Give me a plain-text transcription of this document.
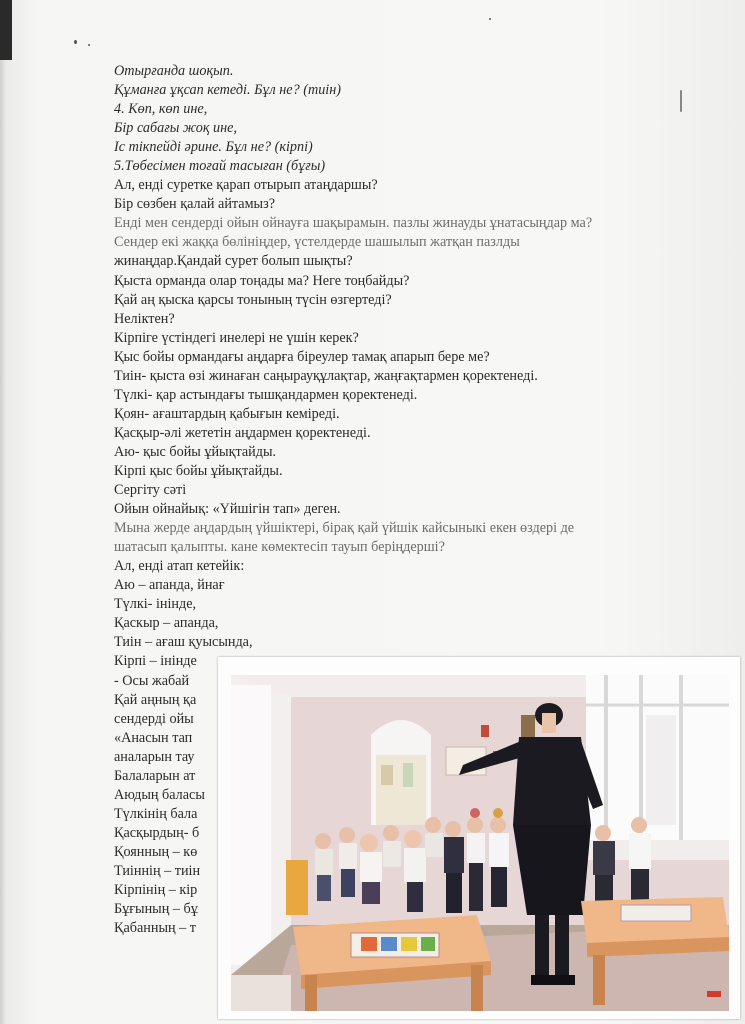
Отырғанда шоқып.
Құманға ұқсап кетеді. Бұл не? (тиін)
4. Көп, көп ине,
Бір сабағы жоқ ине,
Іс тікпейді әрине. Бұл не? (кірпі)
5.Төбесімен тоғай тасыған (бұғы)
Ал, енді суретке қарап отырып атаңдаршы?
Бір сөзбен қалай айтамыз?
Енді мен сендерді ойын ойнауға шақырамын. пазлы жинауды ұнатасыңдар ма?
Сендер екі жаққа бөлініңдер, үстелдерде шашылып жатқан пазлды
жинаңдар.Қандай сурет болып шықты?
Қыста орманда олар тоңады ма? Неге тоңбайды?
Қай аң қыска қарсы тонының түсін өзгертеді?
Неліктен?
Кірпіге үстіндегі инелері не үшін керек?
Қыс бойы ормандағы аңдарға біреулер тамақ апарып бере ме?
Тиін- қыста өзі жинаған саңырауқұлақтар, жаңғақтармен қоректенеді.
Түлкі- қар астындағы тышқандармен қоректенеді.
Қоян- ағаштардың қабығын кеміреді.
Қасқыр-әлі жететін аңдармен қоректенеді.
Аю- қыс бойы ұйықтайды.
Кірпі қыс бойы ұйықтайды.
Сергіту сәті
Ойын ойнайық: «Үйшігін тап» деген.
Мына жерде аңдардың үйшіктері, бірақ қай үйшік кайсыныкі екен өздері де
шатасып қалыпты. кане көмектесіп тауып беріңдерші?
Ал, енді атап кетейік:
Аю – апанда, йнағ
Түлкі- інінде,
Қаскыр – апанда,
Тиін – ағаш қуысында,
Кірпі – інінде
- Осы жабай
Қай аңның қа
сендерді ойы
«Анасын тап
аналарын тау
Балаларын ат
Аюдың баласы
Түлкінің бала
Қасқырдың- б
Қоянның – кө
Тиіннің – тиін
Кірпінің – кір
Бұғының – бұ
Қабанның – т
